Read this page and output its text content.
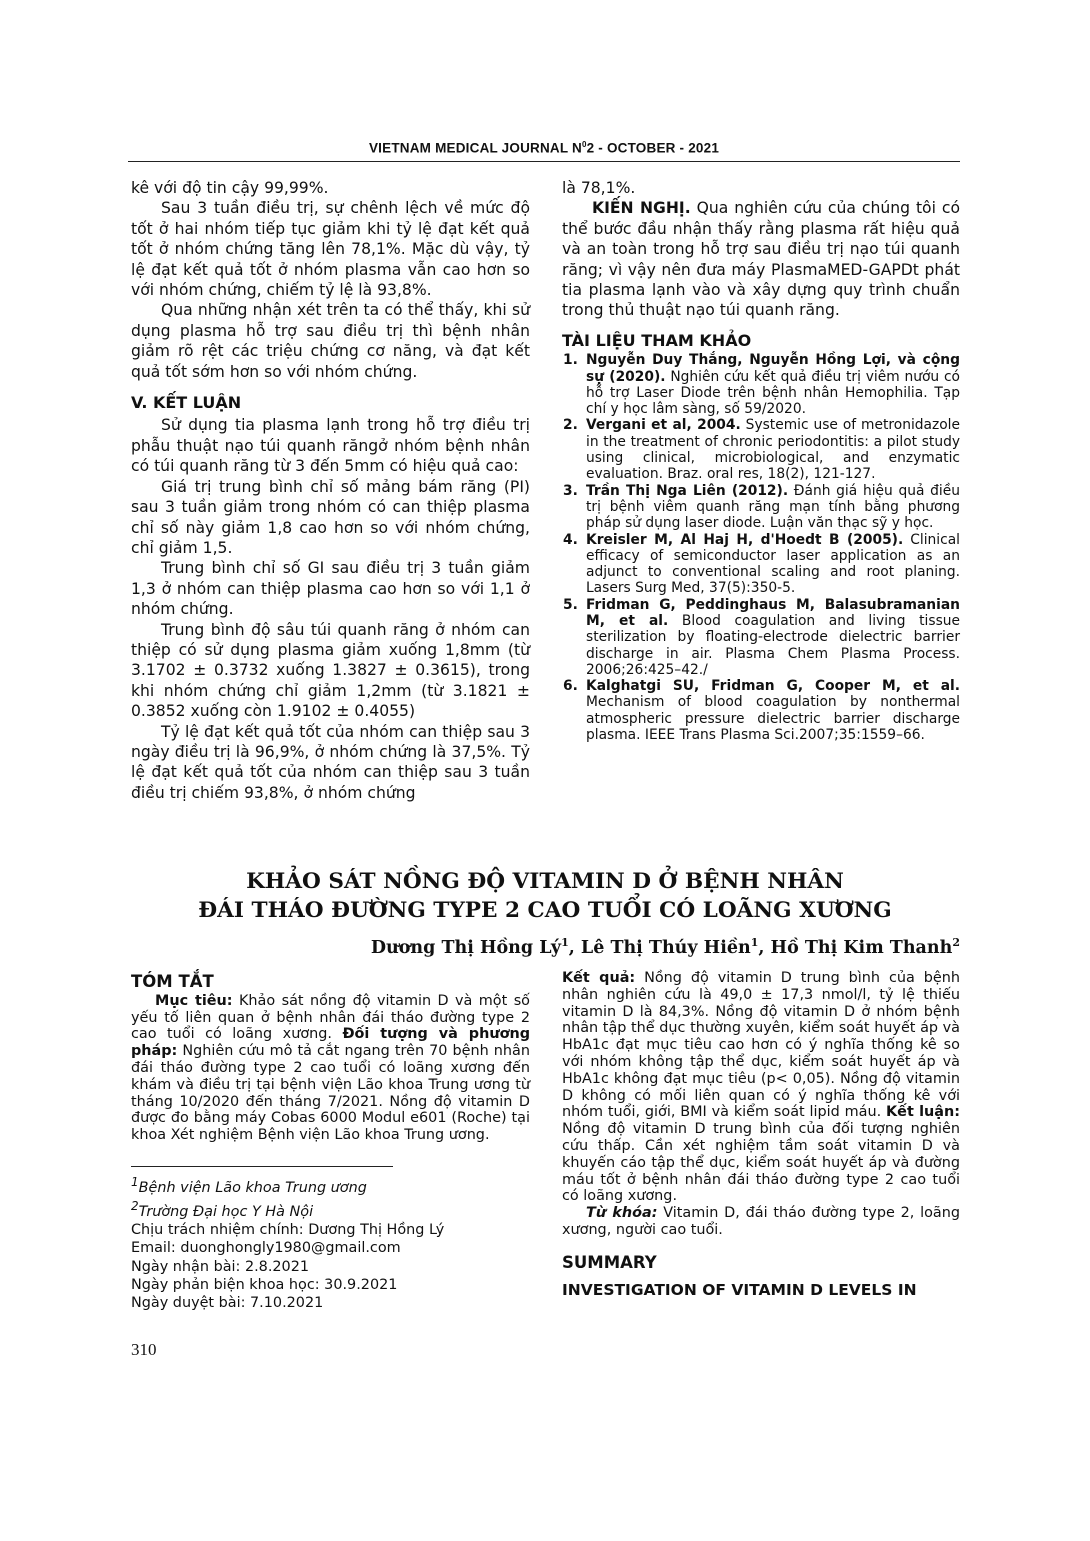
VIETNAM MEDICAL JOURNAL $N^02$ - OCTOBER - 2021

kê với độ tin cậy 99,99%.

Sau 3 tuần điều trị, sự chênh lệch về mức độ tốt ở hai nhóm tiếp tục giảm khi tỷ lệ đạt kết quả tốt ở nhóm chứng tăng lên 78,1%. Mặc dù vậy, tỷ lệ đạt kết quả tốt ở nhóm plasma vẫn cao hơn so với nhóm chứng, chiếm tỷ lệ là 93,8%.

Qua những nhận xét trên ta có thể thấy, khi sử dụng plasma hỗ trợ sau điều trị thì bệnh nhân giảm rõ rệt các triệu chứng cơ năng, và đạt kết quả tốt sớm hơn so với nhóm chứng.

V. KẾT LUẬN

Sử dụng tia plasma lạnh trong hỗ trợ điều trị phẫu thuật nạo túi quanh răngở nhóm bệnh nhân có túi quanh răng từ 3 đến 5mm có hiệu quả cao:

Giá trị trung bình chỉ số mảng bám răng (PI) sau 3 tuần giảm trong nhóm có can thiệp plasma chỉ số này giảm 1,8 cao hơn so với nhóm chứng, chỉ giảm 1,5.

Trung bình chỉ số GI sau điều trị 3 tuần giảm 1,3 ở nhóm can thiệp plasma cao hơn so với 1,1 ở nhóm chứng.

Trung bình độ sâu túi quanh răng ở nhóm can thiệp có sử dụng plasma giảm xuống 1,8mm (từ 3.1702 ± 0.3732 xuống 1.3827 ± 0.3615), trong khi nhóm chứng chỉ giảm 1,2mm (từ 3.1821 ± 0.3852 xuống còn 1.9102 ± 0.4055)

Tỷ lệ đạt kết quả tốt của nhóm can thiệp sau 3 ngày điều trị là 96,9%, ở nhóm chứng là 37,5%. Tỷ lệ đạt kết quả tốt của nhóm can thiệp sau 3 tuần điều trị chiếm 93,8%, ở nhóm chứng

là 78,1%.

KIẾN NGHỊ. Qua nghiên cứu của chúng tôi có thể bước đầu nhận thấy rằng plasma rất hiệu quả và an toàn trong hỗ trợ sau điều trị nạo túi quanh răng; vì vậy nên đưa máy PlasmaMED-GAPDt phát tia plasma lạnh vào và xây dựng quy trình chuẩn trong thủ thuật nạo túi quanh răng.

TÀI LIỆU THAM KHẢO
1. Nguyễn Duy Thắng, Nguyễn Hồng Lợi, và cộng sự (2020). Nghiên cứu kết quả điều trị viêm nướu có hỗ trợ Laser Diode trên bệnh nhân Hemophilia. Tạp chí y học lâm sàng, số 59/2020.
2. Vergani et al, 2004. Systemic use of metronidazole in the treatment of chronic periodontitis: a pilot study using clinical, microbiological, and enzymatic evaluation. Braz. oral res, 18(2), 121-127.
3. Trần Thị Nga Liên (2012). Đánh giá hiệu quả điều trị bệnh viêm quanh răng mạn tính bằng phương pháp sử dụng laser diode. Luận văn thạc sỹ y học.
4. Kreisler M, Al Haj H, d'Hoedt B (2005). Clinical efficacy of semiconductor laser application as an adjunct to conventional scaling and root planing. Lasers Surg Med, 37(5):350-5.
5. Fridman G, Peddinghaus M, Balasubramanian M, et al. Blood coagulation and living tissue sterilization by floating-electrode dielectric barrier discharge in air. Plasma Chem Plasma Process. 2006;26:425–42./
6. Kalghatgi SU, Fridman G, Cooper M, et al. Mechanism of blood coagulation by nonthermal atmospheric pressure dielectric barrier discharge plasma. IEEE Trans Plasma Sci.2007;35:1559–66.
KHẢO SÁT NỒNG ĐỘ VITAMIN D Ở BỆNH NHÂN
ĐÁI THÁO ĐƯỜNG TYPE 2 CAO TUỔI CÓ LOÃNG XƯƠNG
Dương Thị Hồng $Lý^1$, Lê Thị Thúy Hiền$^1$, Hồ Thị Kim Thanh$^2$
TÓM TẮT

Mục tiêu: Khảo sát nồng độ vitamin D và một số yếu tố liên quan ở bệnh nhân đái tháo đường type 2 cao tuổi có loãng xương. Đối tượng và phương pháp: Nghiên cứu mô tả cắt ngang trên 70 bệnh nhân đái tháo đường type 2 cao tuổi có loãng xương đến khám và điều trị tại bệnh viện Lão khoa Trung ương từ tháng 10/2020 đến tháng 7/2021. Nồng độ vitamin D được đo bằng máy Cobas 6000 Modul e601 (Roche) tại khoa Xét nghiệm Bệnh viện Lão khoa Trung ương.

$^1$Bệnh viện Lão khoa Trung ương
$^2$Trường Đại học Y Hà Nội
Chịu trách nhiệm chính: Dương Thị Hồng Lý
Email: duonghongly1980@gmail.com
Ngày nhận bài: 2.8.2021
Ngày phản biện khoa học: 30.9.2021
Ngày duyệt bài: 7.10.2021

Kết quả: Nồng độ vitamin D trung bình của bệnh nhân nghiên cứu là 49,0 ± 17,3 nmol/l, tỷ lệ thiếu vitamin D là 84,3%. Nồng độ vitamin D ở nhóm bệnh nhân tập thể dục thường xuyên, kiểm soát huyết áp và HbA1c đạt mục tiêu cao hơn có ý nghĩa thống kê so với nhóm không tập thể dục, kiểm soát huyết áp và HbA1c không đạt mục tiêu (p< 0,05). Nồng độ vitamin D không có mối liên quan có ý nghĩa thống kê với nhóm tuổi, giới, BMI và kiểm soát lipid máu. Kết luận: Nồng độ vitamin D trung bình của đối tượng nghiên cứu thấp. Cần xét nghiệm tầm soát vitamin D và khuyến cáo tập thể dục, kiểm soát huyết áp và đường máu tốt ở bệnh nhân đái tháo đường type 2 cao tuổi có loãng xương.

Từ khóa: Vitamin D, đái tháo đường type 2, loãng xương, người cao tuổi.

SUMMARY
INVESTIGATION OF VITAMIN D LEVELS IN
310
